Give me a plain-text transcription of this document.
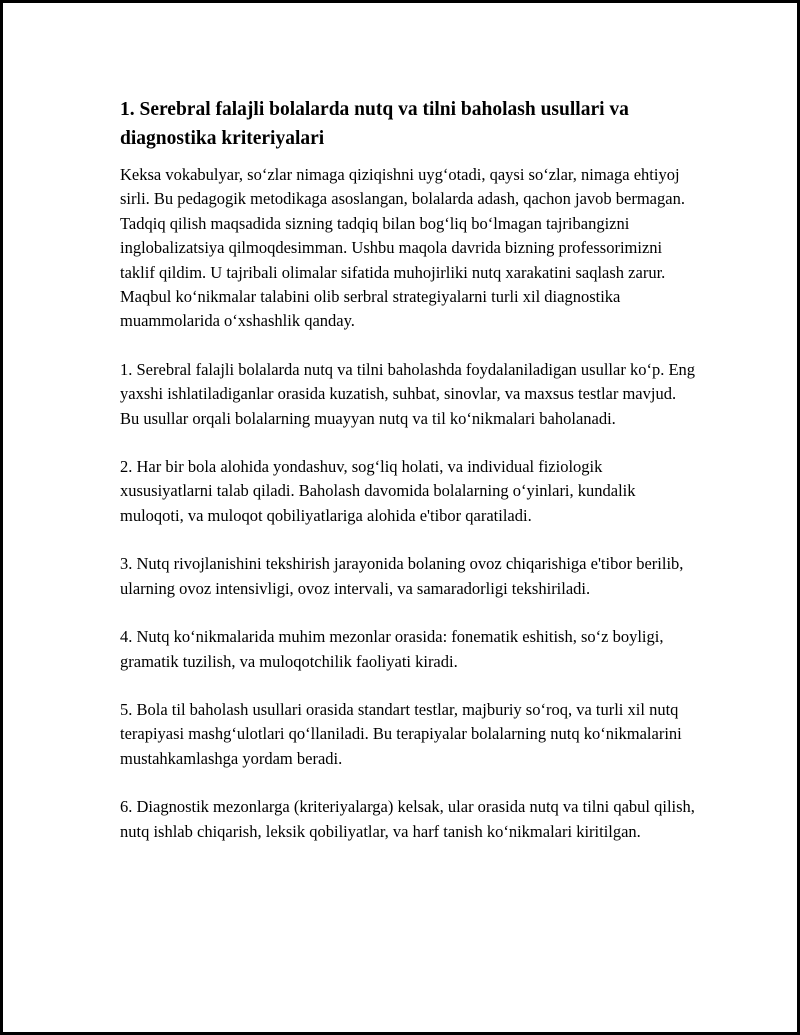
1. Serebral falajli bolalarda nutq va tilni baholash usullari va diagnostika kriteriyalari

Keksa vokabulyar, so‘zlar nimaga qiziqishni uyg‘otadi, qaysi so‘zlar, nimaga ehtiyoj sirli. Bu pedagogik metodikaga asoslangan, bolalarda adash, qachon javob bermagan. Tadqiq qilish maqsadida sizning tadqiq bilan bog‘liq bo‘lmagan tajribangizni inglobalizatsiya qilmoqdesimman. Ushbu maqola davrida bizning professorimizni taklif qildim. U tajribali olimalar sifatida muhojirliki nutq xarakatini saqlash zarur. Maqbul ko‘nikmalar talabini olib serbral strategiyalarni turli xil diagnostika muammolarida o‘xshashlik qanday.

1. Serebral falajli bolalarda nutq va tilni baholashda foydalaniladigan usullar ko‘p. Eng yaxshi ishlatiladiganlar orasida kuzatish, suhbat, sinovlar, va maxsus testlar mavjud. Bu usullar orqali bolalarning muayyan nutq va til ko‘nikmalari baholanadi.

2. Har bir bola alohida yondashuv, sog‘liq holati, va individual fiziologik xususiyatlarni talab qiladi. Baholash davomida bolalarning o‘yinlari, kundalik muloqoti, va muloqot qobiliyatlariga alohida e'tibor qaratiladi.

3. Nutq rivojlanishini tekshirish jarayonida bolaning ovoz chiqarishiga e'tibor berilib, ularning ovoz intensivligi, ovoz intervali, va samaradorligi tekshiriladi.

4. Nutq ko‘nikmalarida muhim mezonlar orasida: fonematik eshitish, so‘z boyligi, gramatik tuzilish, va muloqotchilik faoliyati kiradi.

5. Bola til baholash usullari orasida standart testlar, majburiy so‘roq, va turli xil nutq terapiyasi mashg‘ulotlari qo‘llaniladi. Bu terapiyalar bolalarning nutq ko‘nikmalarini mustahkamlashga yordam beradi.

6. Diagnostik mezonlarga (kriteriyalarga) kelsak, ular orasida nutq va tilni qabul qilish, nutq ishlab chiqarish, leksik qobiliyatlar, va harf tanish ko‘nikmalari kiritilgan.
